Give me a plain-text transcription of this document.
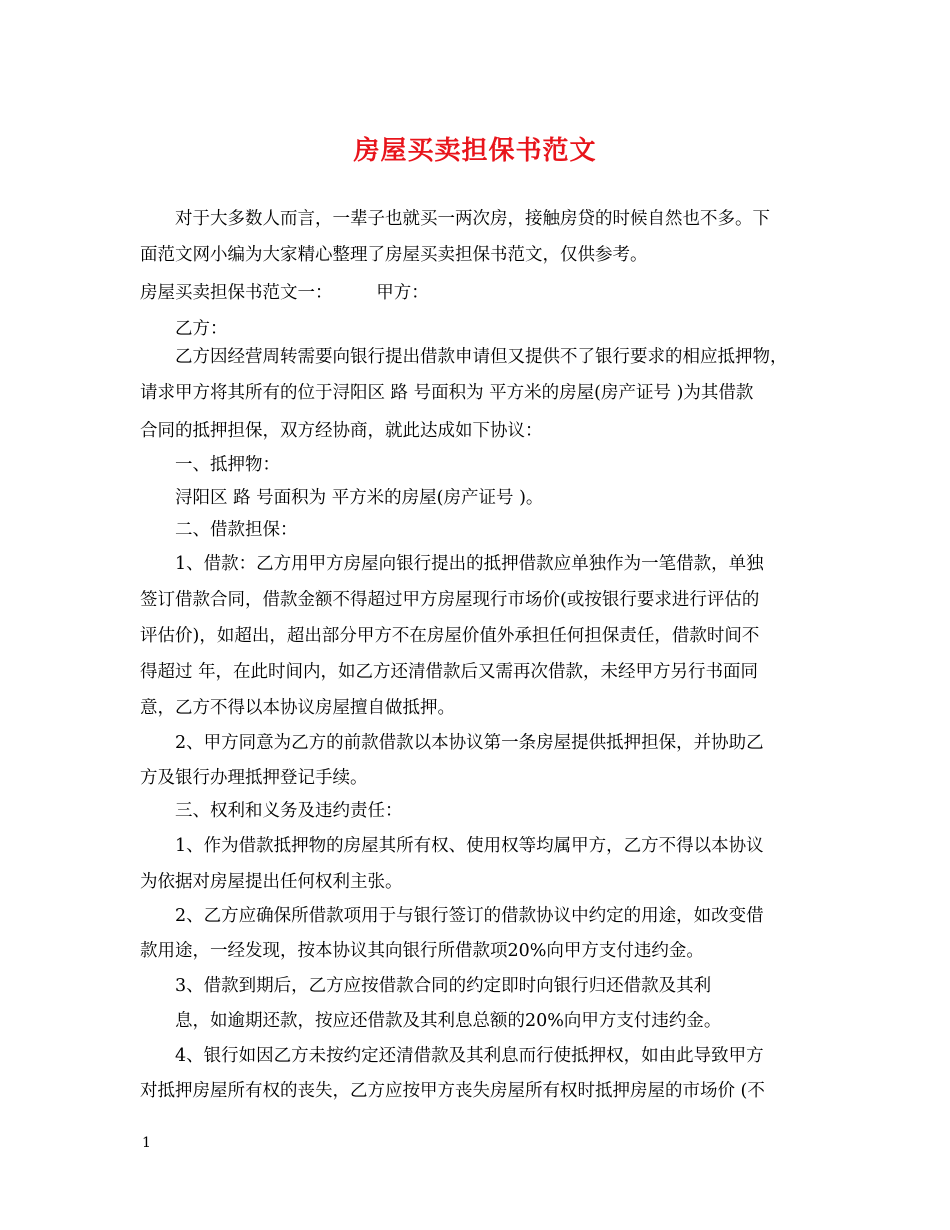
房屋买卖担保书范文
对于大多数人而言，一辈子也就买一两次房，接触房贷的时候自然也不多。下
面范文网小编为大家精心整理了房屋买卖担保书范文，仅供参考。
房屋买卖担保书范文一：　　　甲方：
乙方：
乙方因经营周转需要向银行提出借款申请但又提供不了银行要求的相应抵押物，
请求甲方将其所有的位于浔阳区 路 号面积为 平方米的房屋(房产证号 )为其借款
合同的抵押担保，双方经协商，就此达成如下协议：
一、抵押物：
浔阳区 路 号面积为 平方米的房屋(房产证号 )。
二、借款担保：
1、借款：乙方用甲方房屋向银行提出的抵押借款应单独作为一笔借款，单独
签订借款合同，借款金额不得超过甲方房屋现行市场价(或按银行要求进行评估的
评估价)，如超出，超出部分甲方不在房屋价值外承担任何担保责任，借款时间不
得超过 年，在此时间内，如乙方还清借款后又需再次借款，未经甲方另行书面同
意，乙方不得以本协议房屋擅自做抵押。
2、甲方同意为乙方的前款借款以本协议第一条房屋提供抵押担保，并协助乙
方及银行办理抵押登记手续。
三、权利和义务及违约责任：
1、作为借款抵押物的房屋其所有权、使用权等均属甲方，乙方不得以本协议
为依据对房屋提出任何权利主张。
2、乙方应确保所借款项用于与银行签订的借款协议中约定的用途，如改变借
款用途，一经发现，按本协议其向银行所借款项20%向甲方支付违约金。
3、借款到期后，乙方应按借款合同的约定即时向银行归还借款及其利
息，如逾期还款，按应还借款及其利息总额的20%向甲方支付违约金。
4、银行如因乙方未按约定还清借款及其利息而行使抵押权，如由此导致甲方
对抵押房屋所有权的丧失，乙方应按甲方丧失房屋所有权时抵押房屋的市场价 (不
1
